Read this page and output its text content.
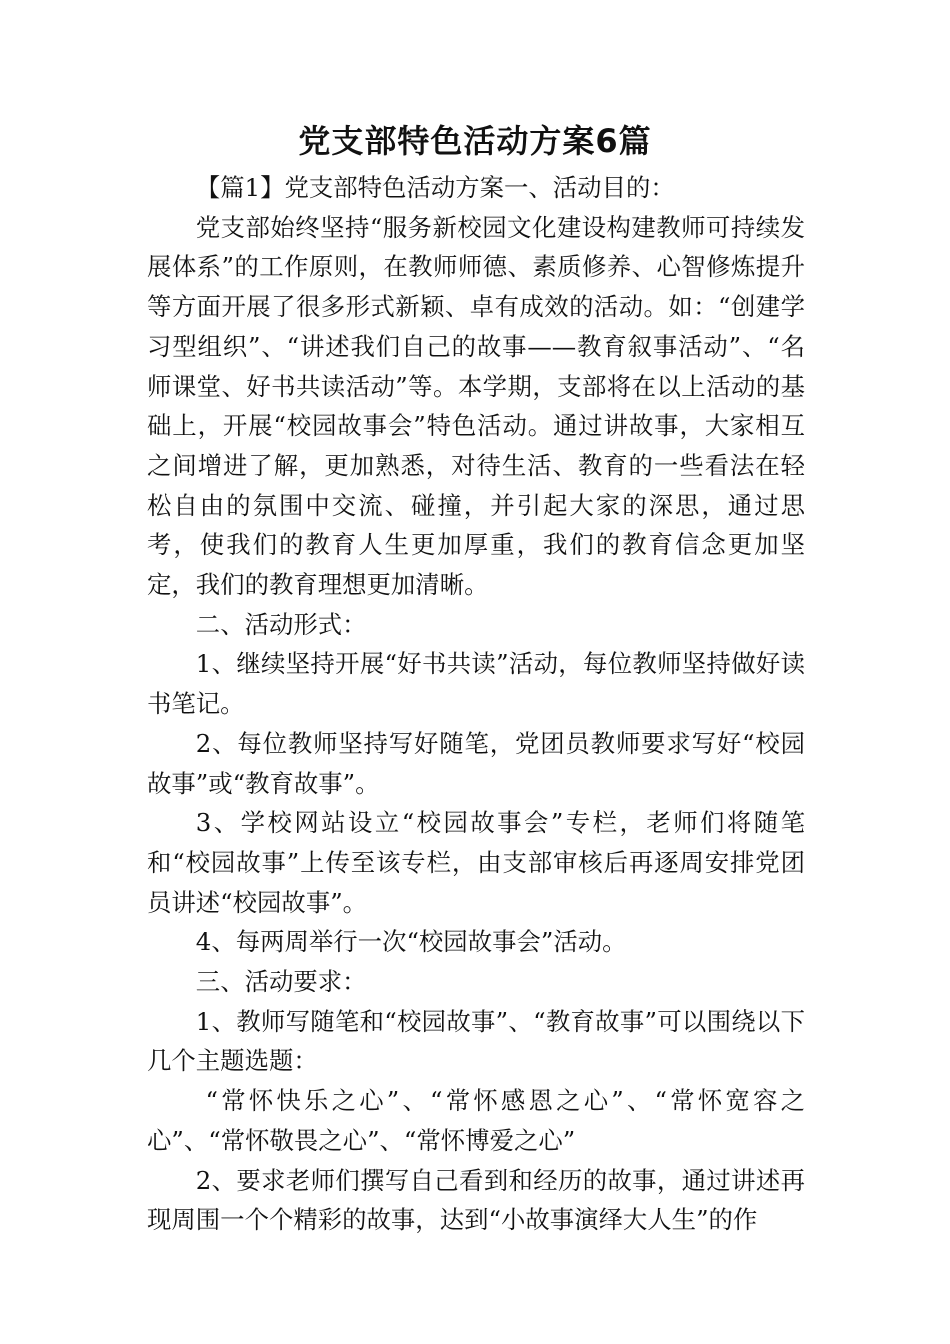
党支部特色活动方案6篇

【篇1】党支部特色活动方案一、活动目的：

党支部始终坚持“服务新校园文化建设构建教师可持续发展体系”的工作原则，在教师师德、素质修养、心智修炼提升等方面开展了很多形式新颖、卓有成效的活动。如：“创建学习型组织”、“讲述我们自己的故事——教育叙事活动”、“名师课堂、好书共读活动”等。本学期，支部将在以上活动的基础上，开展“校园故事会”特色活动。通过讲故事，大家相互之间增进了解，更加熟悉，对待生活、教育的一些看法在轻松自由的氛围中交流、碰撞，并引起大家的深思，通过思考，使我们的教育人生更加厚重，我们的教育信念更加坚定，我们的教育理想更加清晰。

二、活动形式：

1、继续坚持开展“好书共读”活动，每位教师坚持做好读书笔记。

2、每位教师坚持写好随笔，党团员教师要求写好“校园故事”或“教育故事”。

3、学校网站设立“校园故事会”专栏，老师们将随笔和“校园故事”上传至该专栏，由支部审核后再逐周安排党团员讲述“校园故事”。

4、每两周举行一次“校园故事会”活动。

三、活动要求：

1、教师写随笔和“校园故事”、“教育故事”可以围绕以下几个主题选题：

“常怀快乐之心”、“常怀感恩之心”、“常怀宽容之心”、“常怀敬畏之心”、“常怀博爱之心”

2、要求老师们撰写自己看到和经历的故事，通过讲述再现周围一个个精彩的故事，达到“小故事演绎大人生”的作
